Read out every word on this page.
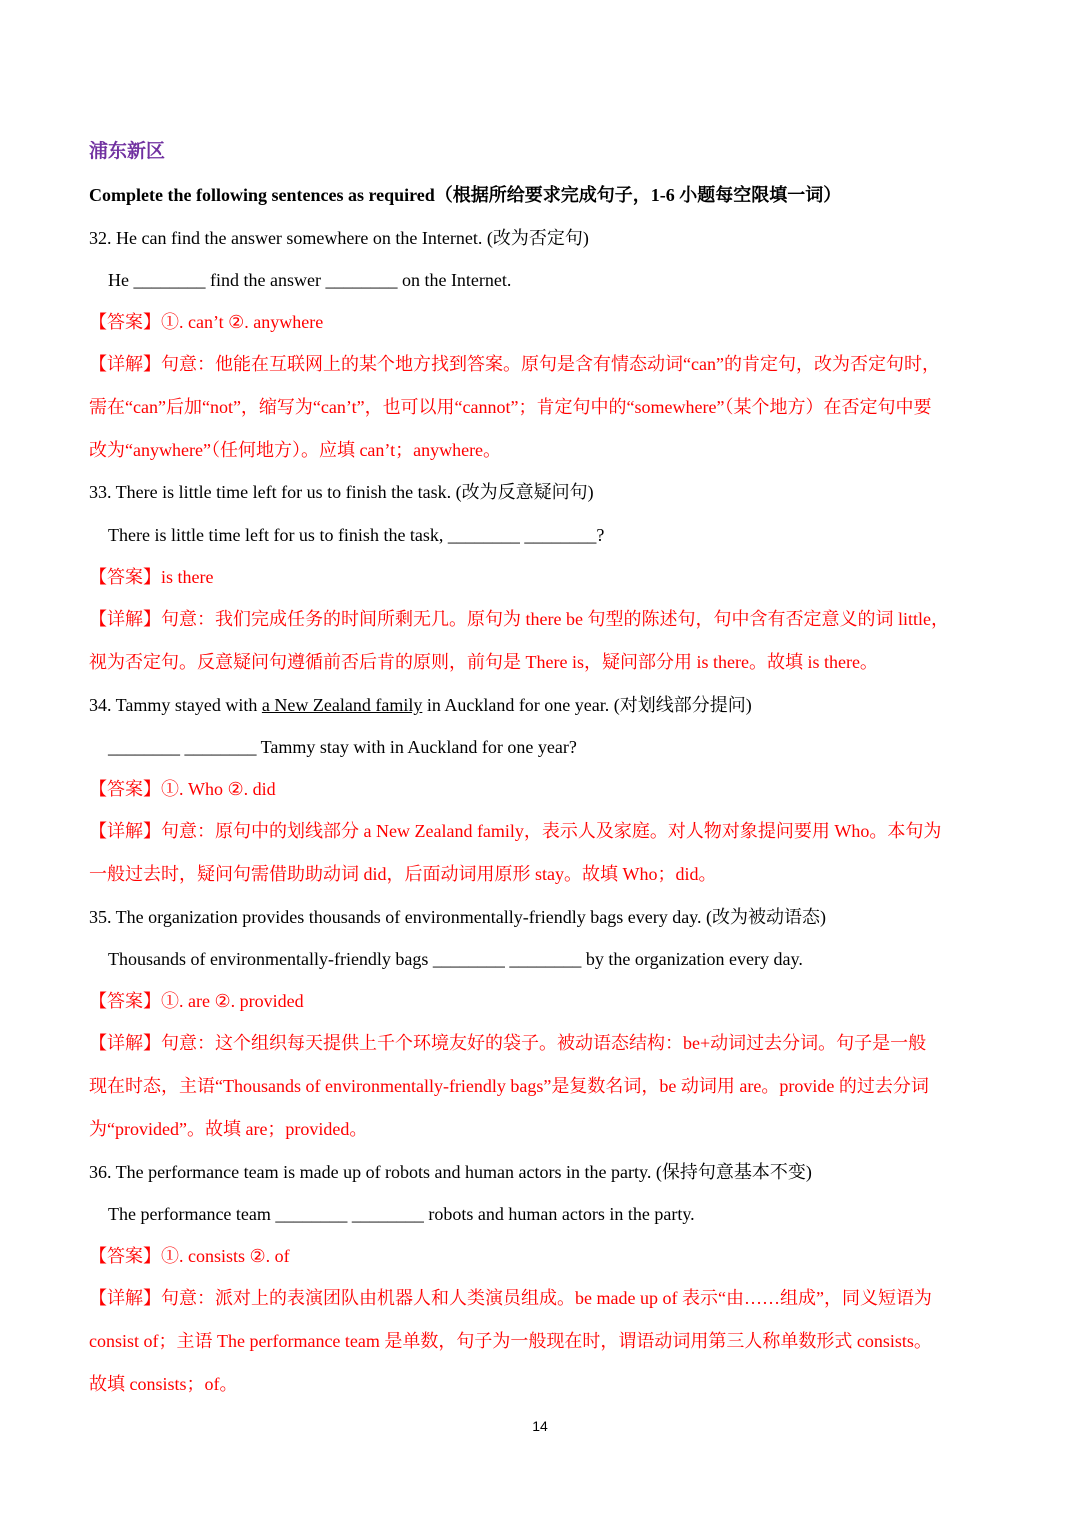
浦东新区
Complete the following sentences as required（根据所给要求完成句子，1-6 小题每空限填一词）
32. He can find the answer somewhere on the Internet. (改为否定句)
He ________ find the answer ________ on the Internet.
【答案】①. can’t ②. anywhere
【详解】句意：他能在互联网上的某个地方找到答案。原句是含有情态动词“can”的肯定句，改为否定句时，
需在“can”后加“not”，缩写为“can’t”，也可以用“cannot”；肯定句中的“somewhere”（某个地方）在否定句中要
改为“anywhere”（任何地方）。应填 can’t；anywhere。
33. There is little time left for us to finish the task. (改为反意疑问句)
There is little time left for us to finish the task, ________ ________?
【答案】is there
【详解】句意：我们完成任务的时间所剩无几。原句为 there be 句型的陈述句，句中含有否定意义的词 little，
视为否定句。反意疑问句遵循前否后肯的原则，前句是 There is，疑问部分用 is there。故填 is there。
34. Tammy stayed with a New Zealand family in Auckland for one year. (对划线部分提问)
________ ________ Tammy stay with in Auckland for one year?
【答案】①. Who ②. did
【详解】句意：原句中的划线部分 a New Zealand family，表示人及家庭。对人物对象提问要用 Who。本句为
一般过去时，疑问句需借助助动词 did，后面动词用原形 stay。故填 Who；did。
35. The organization provides thousands of environmentally-friendly bags every day. (改为被动语态)
Thousands of environmentally-friendly bags ________ ________ by the organization every day.
【答案】①. are ②. provided
【详解】句意：这个组织每天提供上千个环境友好的袋子。被动语态结构：be+动词过去分词。句子是一般
现在时态，主语“Thousands of environmentally-friendly bags”是复数名词，be 动词用 are。provide 的过去分词
为“provided”。故填 are；provided。
36. The performance team is made up of robots and human actors in the party. (保持句意基本不变)
The performance team ________ ________ robots and human actors in the party.
【答案】①. consists ②. of
【详解】句意：派对上的表演团队由机器人和人类演员组成。be made up of 表示“由……组成”，同义短语为
consist of；主语 The performance team 是单数，句子为一般现在时，谓语动词用第三人称单数形式 consists。
故填 consists；of。
14
